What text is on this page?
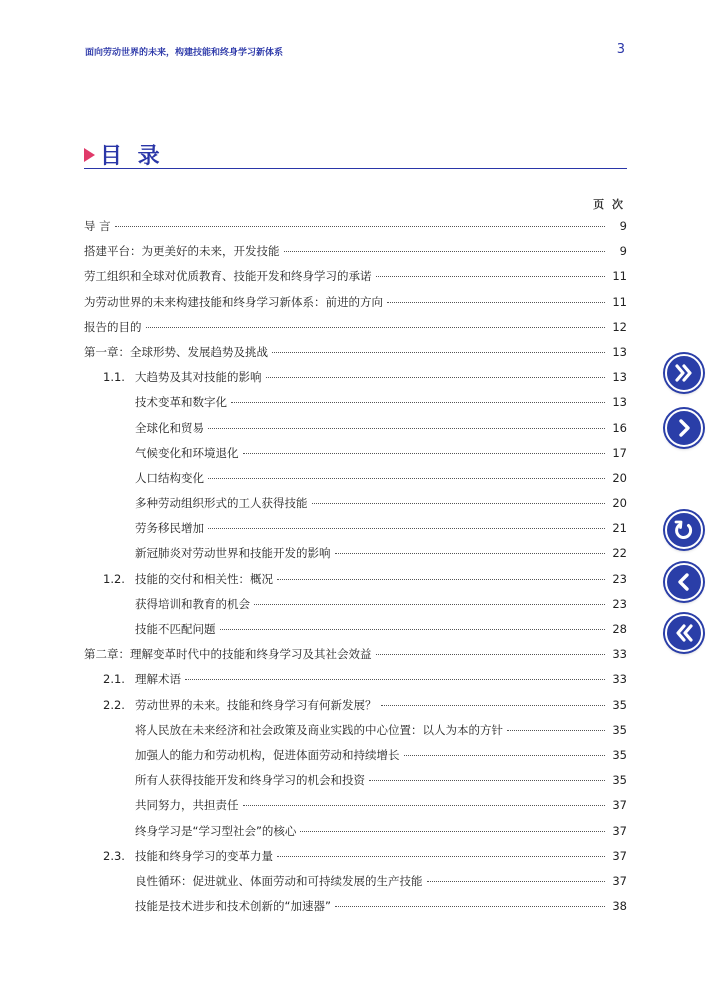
面向劳动世界的未来，构建技能和终身学习新体系	3
目 录
页 次
导 言	9
搭建平台：为更美好的未来，开发技能	9
劳工组织和全球对优质教育、技能开发和终身学习的承诺	11
为劳动世界的未来构建技能和终身学习新体系：前进的方向	11
报告的目的	12
第一章：全球形势、发展趋势及挑战	13
1.1. 大趋势及其对技能的影响	13
技术变革和数字化	13
全球化和贸易	16
气候变化和环境退化	17
人口结构变化	20
多种劳动组织形式的工人获得技能	20
劳务移民增加	21
新冠肺炎对劳动世界和技能开发的影响	22
1.2. 技能的交付和相关性：概况	23
获得培训和教育的机会	23
技能不匹配问题	28
第二章：理解变革时代中的技能和终身学习及其社会效益	33
2.1. 理解术语	33
2.2. 劳动世界的未来。技能和终身学习有何新发展？	35
将人民放在未来经济和社会政策及商业实践的中心位置：以人为本的方针	35
加强人的能力和劳动机构，促进体面劳动和持续增长	35
所有人获得技能开发和终身学习的机会和投资	35
共同努力，共担责任	37
终身学习是“学习型社会”的核心	37
2.3. 技能和终身学习的变革力量	37
良性循环：促进就业、体面劳动和可持续发展的生产技能	37
技能是技术进步和技术创新的“加速器”	38
